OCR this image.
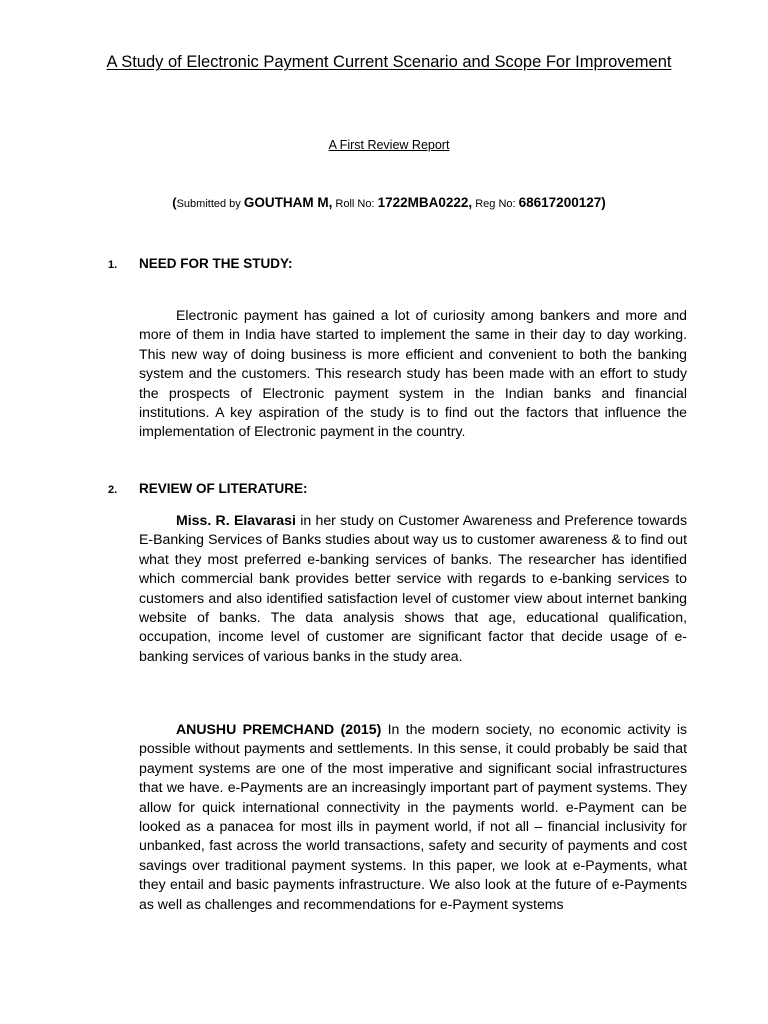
A Study of Electronic Payment Current Scenario and Scope For Improvement

A First Review Report

(Submitted by GOUTHAM M, Roll No: 1722MBA0222, Reg No: 68617200127)

1. NEED FOR THE STUDY:

Electronic payment has gained a lot of curiosity among bankers and more and more of them in India have started to implement the same in their day to day working. This new way of doing business is more efficient and convenient to both the banking system and the customers. This research study has been made with an effort to study the prospects of Electronic payment system in the Indian banks and financial institutions. A key aspiration of the study is to find out the factors that influence the implementation of Electronic payment in the country.

2. REVIEW OF LITERATURE:

Miss. R. Elavarasi in her study on Customer Awareness and Preference towards E-Banking Services of Banks studies about way us to customer awareness & to find out what they most preferred e-banking services of banks. The researcher has identified which commercial bank provides better service with regards to e-banking services to customers and also identified satisfaction level of customer view about internet banking website of banks. The data analysis shows that age, educational qualification, occupation, income level of customer are significant factor that decide usage of e-banking services of various banks in the study area.

ANUSHU PREMCHAND (2015) In the modern society, no economic activity is possible without payments and settlements. In this sense, it could probably be said that payment systems are one of the most imperative and significant social infrastructures that we have. e-Payments are an increasingly important part of payment systems. They allow for quick international connectivity in the payments world. e-Payment can be looked as a panacea for most ills in payment world, if not all – financial inclusivity for unbanked, fast across the world transactions, safety and security of payments and cost savings over traditional payment systems. In this paper, we look at e-Payments, what they entail and basic payments infrastructure. We also look at the future of e-Payments as well as challenges and recommendations for e-Payment systems
